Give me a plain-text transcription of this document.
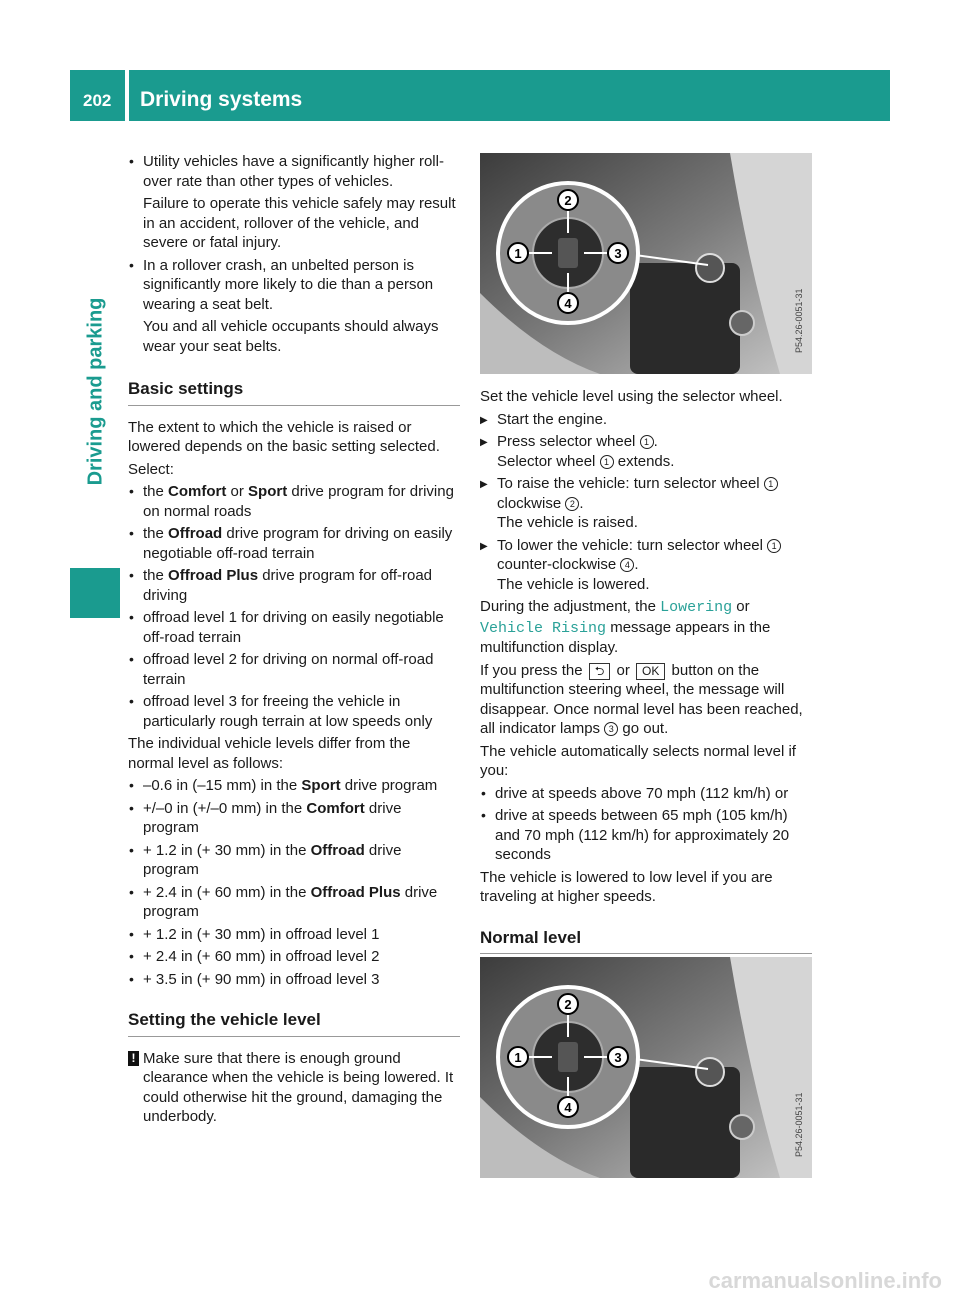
202 Driving systems
Driving and parking
• Utility vehicles have a significantly higher roll-over rate than other types of vehicles.
Failure to operate this vehicle safely may result in an accident, rollover of the vehicle, and severe or fatal injury.
• In a rollover crash, an unbelted person is significantly more likely to die than a person wearing a seat belt.
You and all vehicle occupants should always wear your seat belts.
Basic settings

The extent to which the vehicle is raised or lowered depends on the basic setting selected.

Select:

• the Comfort or Sport drive program for driving on normal roads
• the Offroad drive program for driving on easily negotiable off-road terrain
• the Offroad Plus drive program for off-road driving
• offroad level 1 for driving on easily negotiable off-road terrain
• offroad level 2 for driving on normal off-road terrain
• offroad level 3 for freeing the vehicle in particularly rough terrain at low speeds only

The individual vehicle levels differ from the normal level as follows:

• –0.6 in (–15 mm) in the Sport drive program
• +/–0 in (+/–0 mm) in the Comfort drive program
• + 1.2 in (+ 30 mm) in the Offroad drive program
• + 2.4 in (+ 60 mm) in the Offroad Plus drive program
• + 1.2 in (+ 30 mm) in offroad level 1
• + 2.4 in (+ 60 mm) in offroad level 2
• + 3.5 in (+ 90 mm) in offroad level 3
Setting the vehicle level
! Make sure that there is enough ground clearance when the vehicle is being lowered. It could otherwise hit the ground, damaging the underbody.
2
1	3
4	P54.26-0051-31

Set the vehicle level using the selector wheel.

▶ Start the engine.
▶ Press selector wheel 1 .
Selector wheel 1 extends.
▶ To raise the vehicle: turn selector wheel 1
clockwise 2 .
The vehicle is raised.
▶ To lower the vehicle: turn selector wheel 1
counter-clockwise 4 .
The vehicle is lowered.

During the adjustment, the Lowering or Vehicle Rising message appears in the multifunction display.

If you press the ⮌ or OK button on the multifunction steering wheel, the message will disappear. Once normal level has been reached, all indicator lamps 3 go out.

The vehicle automatically selects normal level if you:

• drive at speeds above 70 mph (112 km/h) or
• drive at speeds between 65 mph (105 km/h) and 70 mph (112 km/h) for approximately 20 seconds

The vehicle is lowered to low level if you are traveling at higher speeds.

Normal level
2
1	3
4	P54.26-0051-31
carmanualsonline.info
